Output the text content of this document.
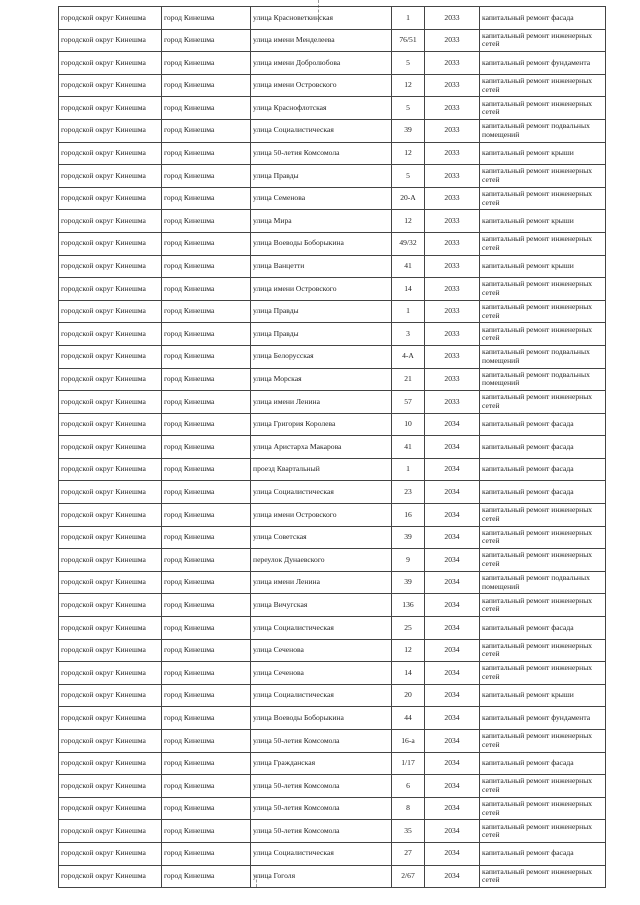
городской округ Кинешма	город Кинешма	улица Красноветкинская	1	2033	капитальный ремонт фасада
городской округ Кинешма	город Кинешма	улица имени Менделеева	76/51	2033	капитальный ремонт инженерных сетей
городской округ Кинешма	город Кинешма	улица имени Добролюбова	5	2033	капитальный ремонт фундамента
городской округ Кинешма	город Кинешма	улица имени Островского	12	2033	капитальный ремонт инженерных сетей
городской округ Кинешма	город Кинешма	улица Краснофлотская	5	2033	капитальный ремонт инженерных сетей
городской округ Кинешма	город Кинешма	улица Социалистическая	39	2033	капитальный ремонт подвальных помещений
городской округ Кинешма	город Кинешма	улица 50-летия Комсомола	12	2033	капитальный ремонт крыши
городской округ Кинешма	город Кинешма	улица Правды	5	2033	капитальный ремонт инженерных сетей
городской округ Кинешма	город Кинешма	улица Семенова	20-А	2033	капитальный ремонт инженерных сетей
городской округ Кинешма	город Кинешма	улица Мира	12	2033	капитальный ремонт крыши
городской округ Кинешма	город Кинешма	улица Воеводы Боборыкина	49/32	2033	капитальный ремонт инженерных сетей
городской округ Кинешма	город Кинешма	улица Ванцетти	41	2033	капитальный ремонт крыши
городской округ Кинешма	город Кинешма	улица имени Островского	14	2033	капитальный ремонт инженерных сетей
городской округ Кинешма	город Кинешма	улица Правды	1	2033	капитальный ремонт инженерных сетей
городской округ Кинешма	город Кинешма	улица Правды	3	2033	капитальный ремонт инженерных сетей
городской округ Кинешма	город Кинешма	улица Белорусская	4-А	2033	капитальный ремонт подвальных помещений
городской округ Кинешма	город Кинешма	улица Морская	21	2033	капитальный ремонт подвальных помещений
городской округ Кинешма	город Кинешма	улица имени Ленина	57	2033	капитальный ремонт инженерных сетей
городской округ Кинешма	город Кинешма	улица Григория Королева	10	2034	капитальный ремонт фасада
городской округ Кинешма	город Кинешма	улица Аристарха Макарова	41	2034	капитальный ремонт фасада
городской округ Кинешма	город Кинешма	проезд Квартальный	1	2034	капитальный ремонт фасада
городской округ Кинешма	город Кинешма	улица Социалистическая	23	2034	капитальный ремонт фасада
городской округ Кинешма	город Кинешма	улица имени Островского	16	2034	капитальный ремонт инженерных сетей
городской округ Кинешма	город Кинешма	улица Советская	39	2034	капитальный ремонт инженерных сетей
городской округ Кинешма	город Кинешма	переулок Дунаевского	9	2034	капитальный ремонт инженерных сетей
городской округ Кинешма	город Кинешма	улица имени Ленина	39	2034	капитальный ремонт подвальных помещений
городской округ Кинешма	город Кинешма	улица Вичугская	136	2034	капитальный ремонт инженерных сетей
городской округ Кинешма	город Кинешма	улица Социалистическая	25	2034	капитальный ремонт фасада
городской округ Кинешма	город Кинешма	улица Сеченова	12	2034	капитальный ремонт инженерных сетей
городской округ Кинешма	город Кинешма	улица Сеченова	14	2034	капитальный ремонт инженерных сетей
городской округ Кинешма	город Кинешма	улица Социалистическая	20	2034	капитальный ремонт крыши
городской округ Кинешма	город Кинешма	улица Воеводы Боборыкина	44	2034	капитальный ремонт фундамента
городской округ Кинешма	город Кинешма	улица 50-летия Комсомола	16-а	2034	капитальный ремонт инженерных сетей
городской округ Кинешма	город Кинешма	улица Гражданская	1/17	2034	капитальный ремонт фасада
городской округ Кинешма	город Кинешма	улица 50-летия Комсомола	6	2034	капитальный ремонт инженерных сетей
городской округ Кинешма	город Кинешма	улица 50-летия Комсомола	8	2034	капитальный ремонт инженерных сетей
городской округ Кинешма	город Кинешма	улица 50-летия Комсомола	35	2034	капитальный ремонт инженерных сетей
городской округ Кинешма	город Кинешма	улица Социалистическая	27	2034	капитальный ремонт фасада
городской округ Кинешма	город Кинешма	улица Гоголя	2/67	2034	капитальный ремонт инженерных сетей
